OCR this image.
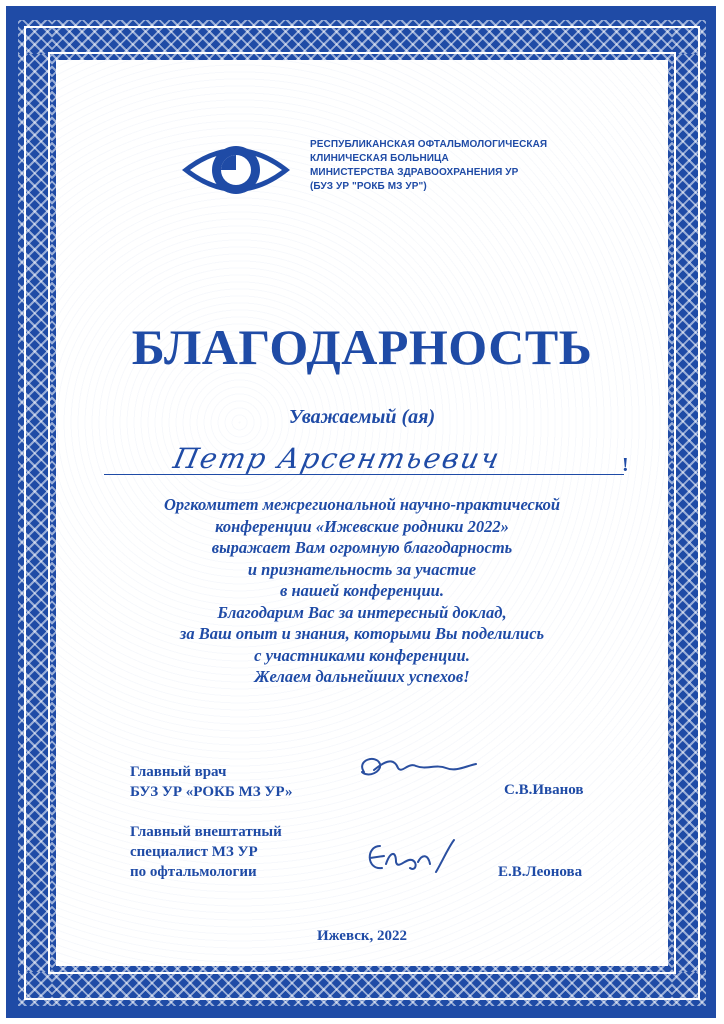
РЕСПУБЛИКАНСКАЯ ОФТАЛЬМОЛОГИЧЕСКАЯ
КЛИНИЧЕСКАЯ БОЛЬНИЦА
МИНИСТЕРСТВА ЗДРАВООХРАНЕНИЯ УР
(БУЗ УР "РОКБ МЗ УР")
БЛАГОДАРНОСТЬ
Уважаемый (ая)
Петр Арсентьевич	!
Оргкомитет межрегиональной научно-практической
конференции «Ижевские родники 2022»
выражает Вам огромную благодарность
и признательность за участие
в нашей конференции.
Благодарим Вас за интересный доклад,
за Ваш опыт и знания, которыми Вы поделились
с участниками конференции.
Желаем дальнейших успехов!
Главный врач
БУЗ УР «РОКБ МЗ УР»	С.В.Иванов
Главный внештатный
специалист МЗ УР
по офтальмологии	Е.В.Леонова
Ижевск, 2022
